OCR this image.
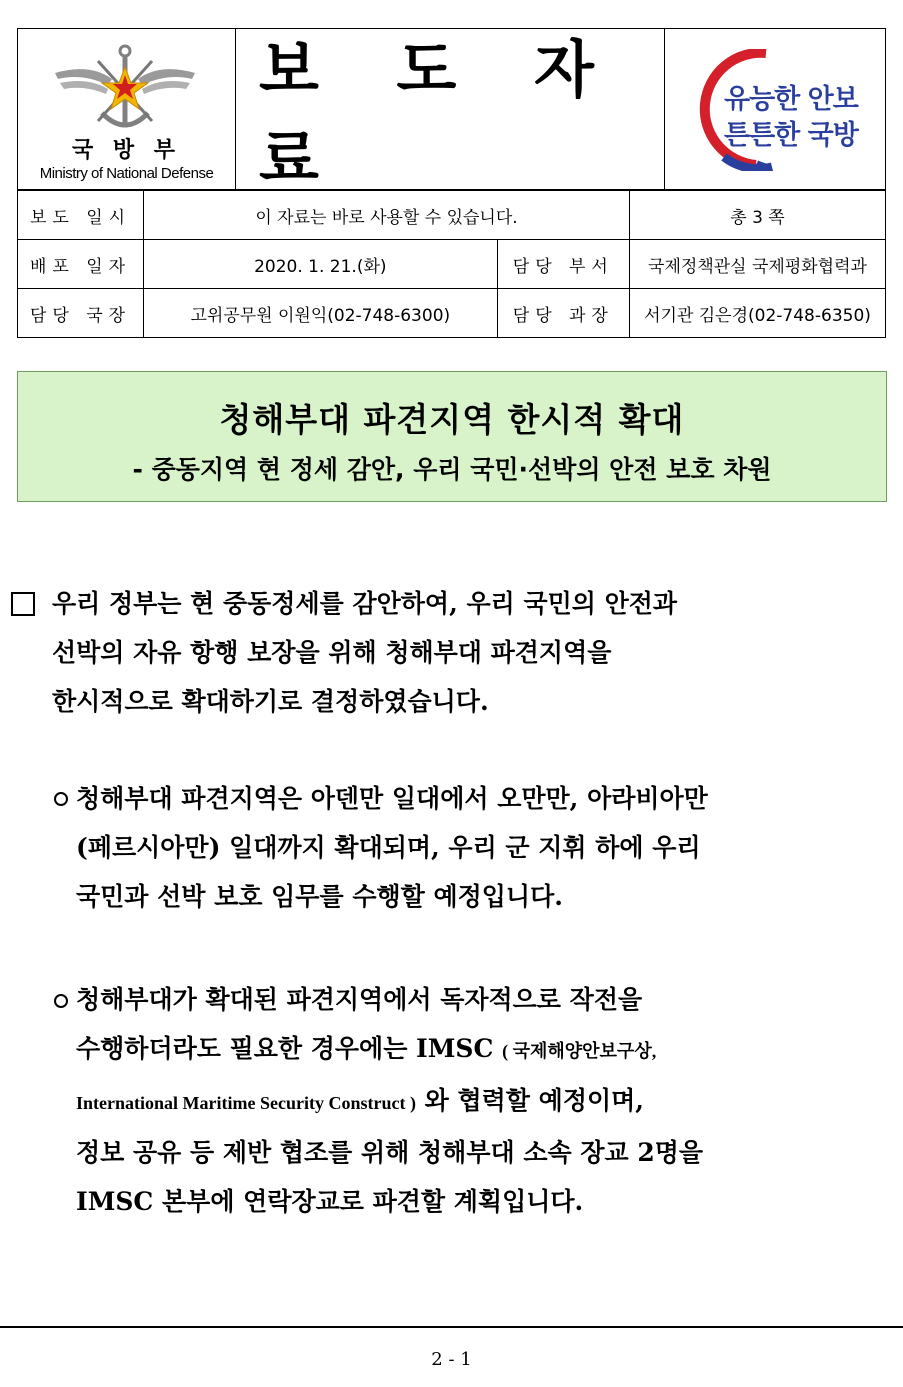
국 방 부
Ministry of National Defense
보 도 자 료
유능한 안보
튼튼한 국방
보도 일시	이 자료는 바로 사용할 수 있습니다.		총 3 쪽
배포 일자	2020. 1. 21.(화)	담당 부서	국제정책관실 국제평화협력과
담당 국장	고위공무원 이원익(02-748-6300)	담당 과장	서기관 김은경(02-748-6350)
청해부대 파견지역 한시적 확대
- 중동지역 현 정세 감안, 우리 국민·선박의 안전 보호 차원
우리 정부는 현 중동정세를 감안하여, 우리 국민의 안전과
선박의 자유 항행 보장을 위해 청해부대 파견지역을
한시적으로 확대하기로 결정하였습니다.
청해부대 파견지역은 아덴만 일대에서 오만만, 아라비아만
(페르시아만) 일대까지 확대되며, 우리 군 지휘 하에 우리
국민과 선박 보호 임무를 수행할 예정입니다.
청해부대가 확대된 파견지역에서 독자적으로 작전을
수행하더라도 필요한 경우에는 IMSC ( 국제해양안보구상,
International Maritime Security Construct ) 와 협력할 예정이며,
정보 공유 등 제반 협조를 위해 청해부대 소속 장교 2명을
IMSC 본부에 연락장교로 파견할 계획입니다.
2 - 1
